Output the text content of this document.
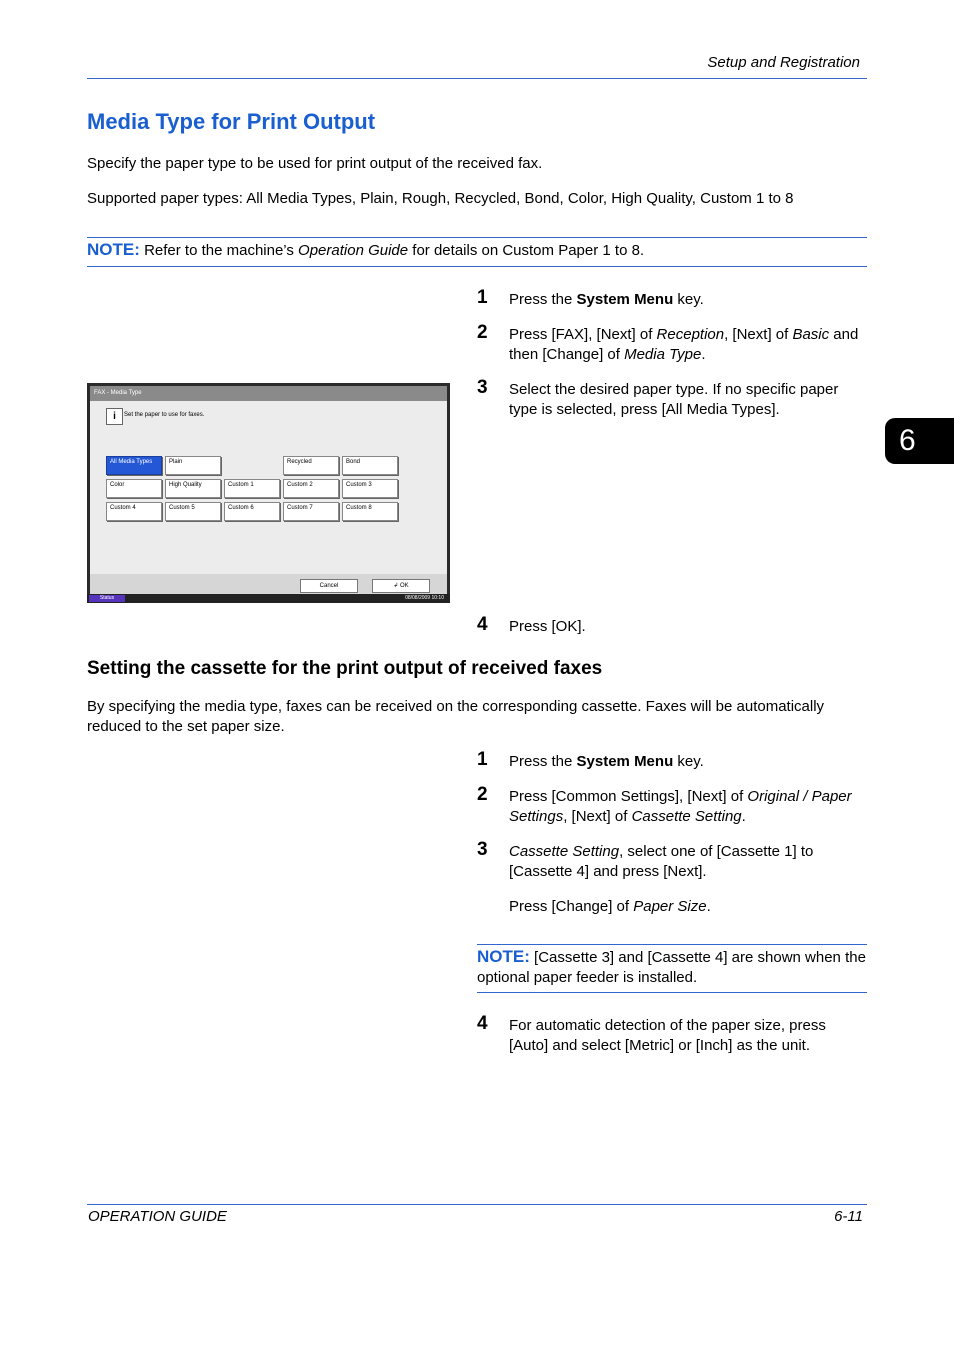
Setup and Registration
6
Media Type for Print Output
Specify the paper type to be used for print output of the received fax.
Supported paper types: All Media Types, Plain, Rough, Recycled, Bond, Color, High Quality, Custom 1 to 8
NOTE: Refer to the machine’s Operation Guide for details on Custom Paper 1 to 8.
1 Press the System Menu key.
2 Press [FAX], [Next] of Reception, [Next] of Basic and then [Change] of Media Type.
3 Select the desired paper type. If no specific paper type is selected, press [All Media Types].
4 Press [OK].
FAX - Media Type
i	Set the paper to use for faxes.
All Media Types	Plain	Recycled	Bond
Color	High Quality	Custom 1	Custom 2	Custom 3
Custom 4	Custom 5	Custom 6	Custom 7	Custom 8
Cancel	↲ OK
Status	08/08/2009 10:10
Setting the cassette for the print output of received faxes
By specifying the media type, faxes can be received on the corresponding cassette. Faxes will be automatically reduced to the set paper size.
1 Press the System Menu key.
2 Press [Common Settings], [Next] of Original / Paper Settings, [Next] of Cassette Setting.
3 Cassette Setting, select one of [Cassette 1] to [Cassette 4] and press [Next].
Press [Change] of Paper Size.
NOTE: [Cassette 3] and [Cassette 4] are shown when the optional paper feeder is installed.
4 For automatic detection of the paper size, press [Auto] and select [Metric] or [Inch] as the unit.
OPERATION GUIDE	6-11
